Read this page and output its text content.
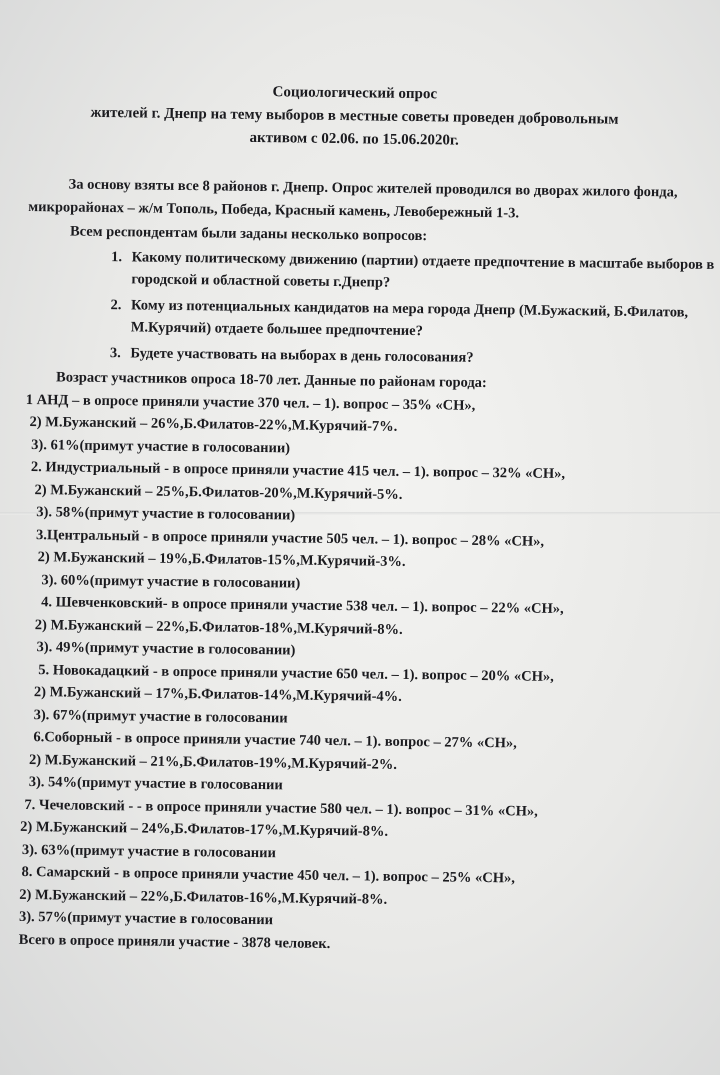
Социологический опрос
жителей г. Днепр на тему выборов в местные советы проведен добровольным
активом с 02.06. по 15.06.2020г.

За основу взяты все 8 районов г. Днепр. Опрос жителей проводился во дворах жилого фонда, микрорайонах – ж/м Тополь, Победа, Красный камень, Левобережный 1-3.

Всем респондентам были заданы несколько вопросов:
1. Какому политическому движению (партии) отдаете предпочтение в масштабе выборов в городской и областной советы г.Днепр?
2. Кому из потенциальных кандидатов на мера города Днепр (М.Бужаский, Б.Филатов, М.Курячий) отдаете большее предпочтение?
3. Будете участвовать на выборах в день голосования?
Возраст участников опроса 18-70 лет. Данные по районам города:
1 АНД – в опросе приняли участие 370 чел. – 1). вопрос – 35% «СН»,
2) М.Бужанский – 26%,Б.Филатов-22%,М.Курячий-7%.
3). 61%(примут участие в голосовании)
2. Индустриальный - в опросе приняли участие 415 чел. – 1). вопрос – 32% «СН»,
2) М.Бужанский – 25%,Б.Филатов-20%,М.Курячий-5%.
3). 58%(примут участие в голосовании)
3.Центральный - в опросе приняли участие 505 чел. – 1). вопрос – 28% «СН»,
2) М.Бужанский – 19%,Б.Филатов-15%,М.Курячий-3%.
3). 60%(примут участие в голосовании)
4. Шевченковский- в опросе приняли участие 538 чел. – 1). вопрос – 22% «СН»,
2) М.Бужанский – 22%,Б.Филатов-18%,М.Курячий-8%.
3). 49%(примут участие в голосовании)
5. Новокадацкий - в опросе приняли участие 650 чел. – 1). вопрос – 20% «СН»,
2) М.Бужанский – 17%,Б.Филатов-14%,М.Курячий-4%.
3). 67%(примут участие в голосовании
6.Соборный - в опросе приняли участие 740 чел. – 1). вопрос – 27% «СН»,
2) М.Бужанский – 21%,Б.Филатов-19%,М.Курячий-2%.
3). 54%(примут участие в голосовании
7. Чечеловский - - в опросе приняли участие 580 чел. – 1). вопрос – 31% «СН»,
2) М.Бужанский – 24%,Б.Филатов-17%,М.Курячий-8%.
3). 63%(примут участие в голосовании
8. Самарский - в опросе приняли участие 450 чел. – 1). вопрос – 25% «СН»,
2) М.Бужанский – 22%,Б.Филатов-16%,М.Курячий-8%.
3). 57%(примут участие в голосовании
Всего в опросе приняли участие - 3878 человек.
